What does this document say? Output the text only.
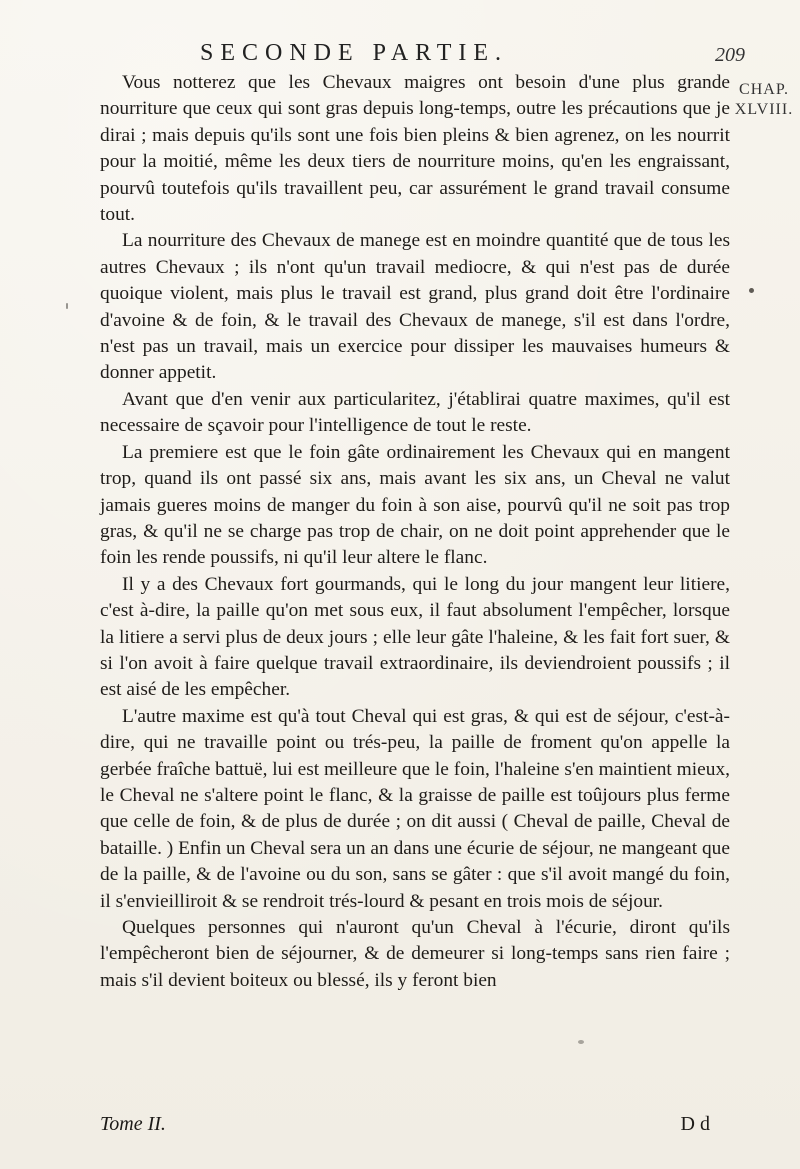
SECONDE PARTIE.	209
CHAP.
XLVIII.

Vous notterez que les Chevaux maigres ont besoin d'une plus grande nourriture que ceux qui sont gras depuis long-temps, outre les précautions que je dirai ; mais depuis qu'ils sont une fois bien pleins & bien agrenez, on les nourrit pour la moitié, même les deux tiers de nourriture moins, qu'en les engraissant, pourvû toutefois qu'ils travaillent peu, car assurément le grand travail consume tout.

La nourriture des Chevaux de manege est en moindre quantité que de tous les autres Chevaux ; ils n'ont qu'un travail mediocre, & qui n'est pas de durée quoique violent, mais plus le travail est grand, plus grand doit être l'ordinaire d'avoine & de foin, & le travail des Chevaux de manege, s'il est dans l'ordre, n'est pas un travail, mais un exercice pour dissiper les mauvaises humeurs & donner appetit.

Avant que d'en venir aux particularitez, j'établirai quatre maximes, qu'il est necessaire de sçavoir pour l'intelligence de tout le reste.

La premiere est que le foin gâte ordinairement les Chevaux qui en mangent trop, quand ils ont passé six ans, mais avant les six ans, un Cheval ne valut jamais gueres moins de manger du foin à son aise, pourvû qu'il ne soit pas trop gras, & qu'il ne se charge pas trop de chair, on ne doit point apprehender que le foin les rende poussifs, ni qu'il leur altere le flanc.

Il y a des Chevaux fort gourmands, qui le long du jour mangent leur litiere, c'est à-dire, la paille qu'on met sous eux, il faut absolument l'empêcher, lorsque la litiere a servi plus de deux jours ; elle leur gâte l'haleine, & les fait fort suer, & si l'on avoit à faire quelque travail extraordinaire, ils deviendroient poussifs ; il est aisé de les empêcher.

L'autre maxime est qu'à tout Cheval qui est gras, & qui est de séjour, c'est-à-dire, qui ne travaille point ou trés-peu, la paille de froment qu'on appelle la gerbée fraîche battuë, lui est meilleure que le foin, l'haleine s'en maintient mieux, le Cheval ne s'altere point le flanc, & la graisse de paille est toûjours plus ferme que celle de foin, & de plus de durée ; on dit aussi ( Cheval de paille, Cheval de bataille. ) Enfin un Cheval sera un an dans une écurie de séjour, ne mangeant que de la paille, & de l'avoine ou du son, sans se gâter : que s'il avoit mangé du foin, il s'envieilliroit & se rendroit trés-lourd & pesant en trois mois de séjour.

Quelques personnes qui n'auront qu'un Cheval à l'écurie, diront qu'ils l'empêcheront bien de séjourner, & de demeurer si long-temps sans rien faire ; mais s'il devient boiteux ou blessé, ils y feront bien

Tome II.	D d
